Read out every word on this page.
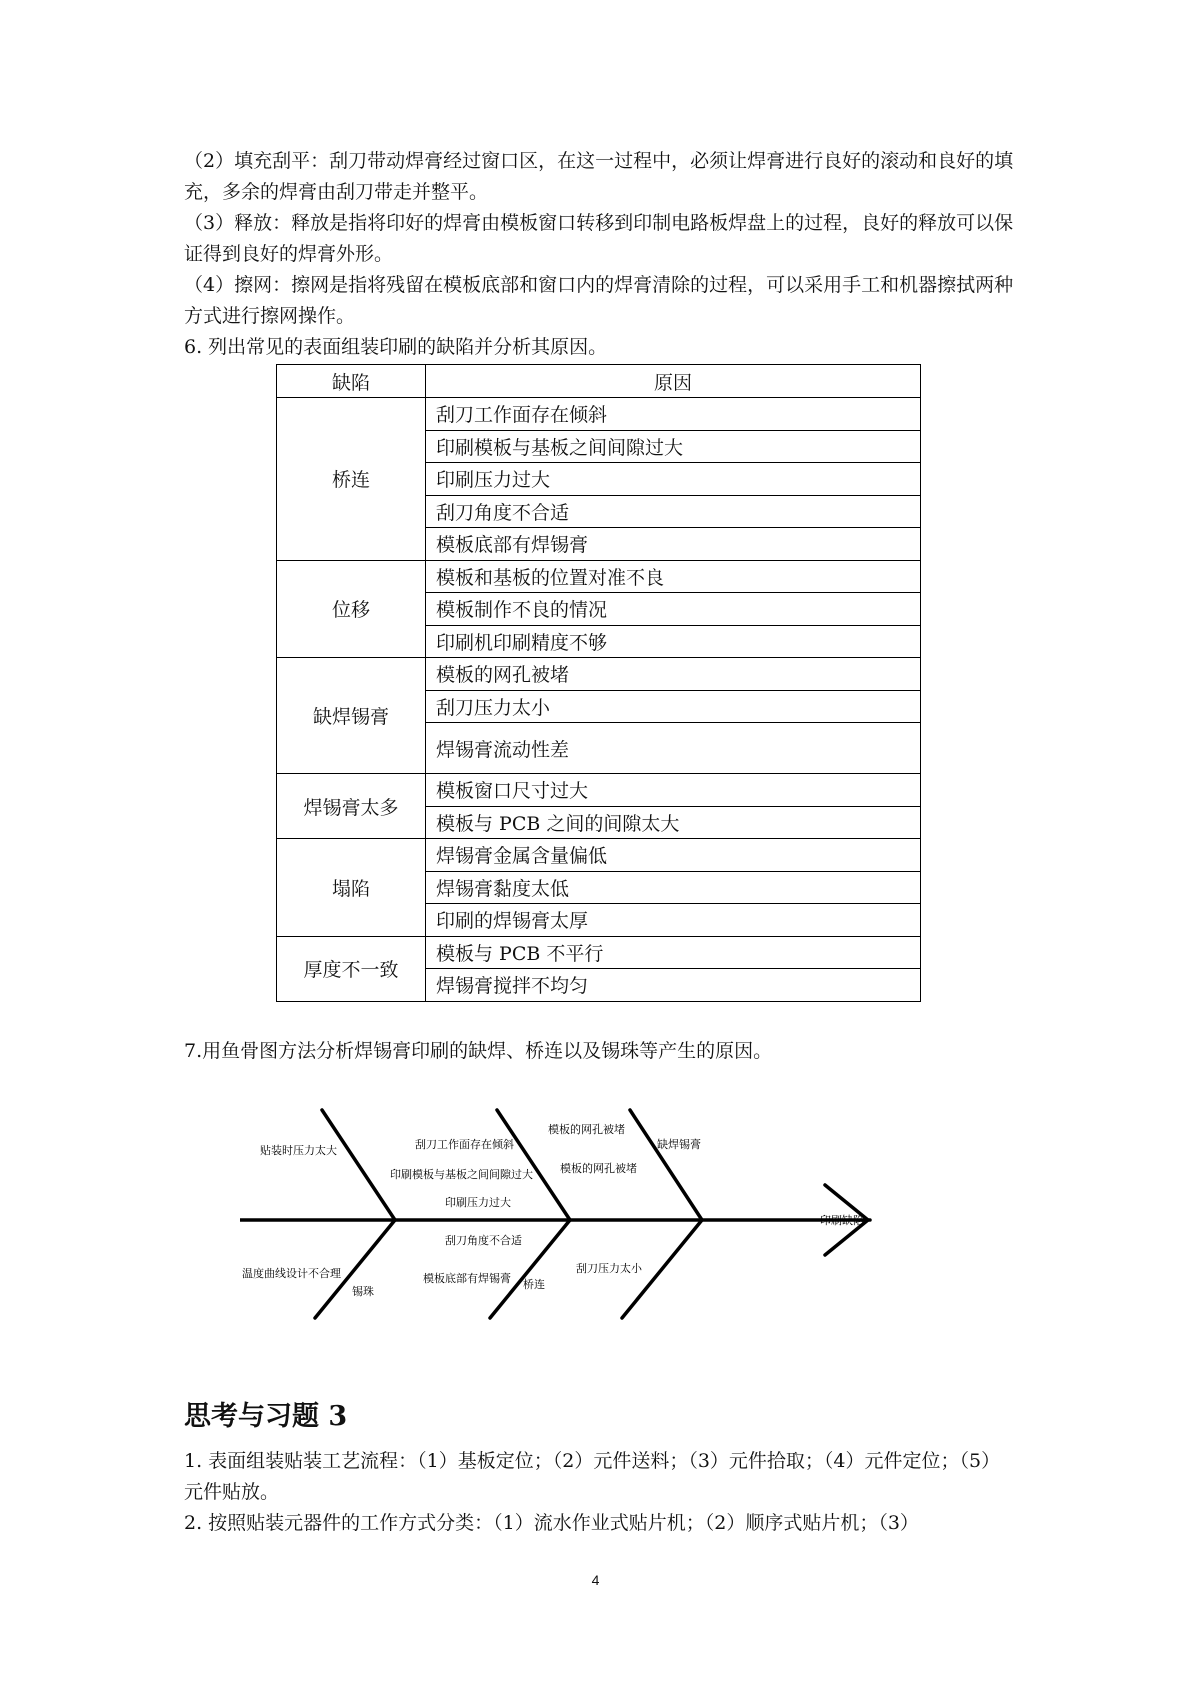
（2）填充刮平：刮刀带动焊膏经过窗口区，在这一过程中，必须让焊膏进行良好的滚动和良好的填充，多余的焊膏由刮刀带走并整平。
（3）释放：释放是指将印好的焊膏由模板窗口转移到印制电路板焊盘上的过程，良好的释放可以保证得到良好的焊膏外形。
（4）擦网：擦网是指将残留在模板底部和窗口内的焊膏清除的过程，可以采用手工和机器擦拭两种方式进行擦网操作。
6. 列出常见的表面组装印刷的缺陷并分析其原因。
缺陷	原因
桥连	刮刀工作面存在倾斜
	印刷模板与基板之间间隙过大
	印刷压力过大
	刮刀角度不合适
	模板底部有焊锡膏
位移	模板和基板的位置对准不良
	模板制作不良的情况
	印刷机印刷精度不够
缺焊锡膏	模板的网孔被堵
	刮刀压力太小
	焊锡膏流动性差
焊锡膏太多	模板窗口尺寸过大
	模板与 PCB 之间的间隙太大
塌陷	焊锡膏金属含量偏低
	焊锡膏黏度太低
	印刷的焊锡膏太厚
厚度不一致	模板与 PCB 不平行
	焊锡膏搅拌不均匀
7.用鱼骨图方法分析焊锡膏印刷的缺焊、桥连以及锡珠等产生的原因。
印刷缺陷
贴装时压力太大
温度曲线设计不合理
锡珠
刮刀工作面存在倾斜
印刷模板与基板之间间隙过大
印刷压力过大
刮刀角度不合适
模板底部有焊锡膏 桥连
模板的网孔被堵
模板的网孔被堵
刮刀压力太小
缺焊锡膏
思考与习题 3
1. 表面组装贴装工艺流程：（1）基板定位；（2）元件送料；（3）元件拾取；（4）元件定位；（5）元件贴放。
2. 按照贴装元器件的工作方式分类：（1）流水作业式贴片机；（2）顺序式贴片机；（3）
4
